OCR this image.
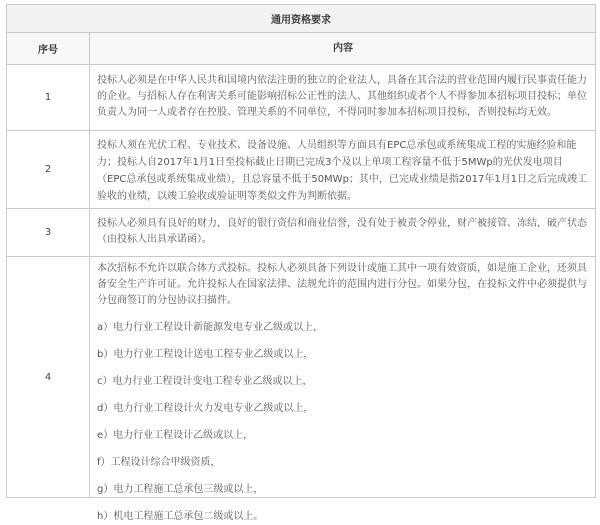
通用资格要求
序号	内容
1
投标人必须是在中华人民共和国境内依法注册的独立的企业法人，具备在其合法的营业范围内履行民事责任能力的企业。与招标人存在利害关系可能影响招标公正性的法人、其他组织或者个人不得参加本招标项目投标；单位负责人为同一人或者存在控股、管理关系的不同单位，不得同时参加本招标项目投标，否则投标均无效。
2
投标人须在光伏工程、专业技术、设备设施、人员组织等方面具有EPC总承包或系统集成工程的实施经验和能力；投标人自2017年1月1日至投标截止日期已完成3个及以上单项工程容量不低于5MWp的光伏发电项目（EPC总承包或系统集成业绩），且总容量不低于50MWp；其中，已完成业绩是指2017年1月1日之后完成竣工验收的业绩，以竣工验收或验证明等类似文件为判断依据。
3
投标人必须具有良好的财力，良好的银行资信和商业信誉，没有处于被责令停业，财产被接管、冻结，破产状态（由投标人出具承诺函）。
4
本次招标不允许以联合体方式投标。投标人必须具备下列设计或施工其中一项有效资质，如是施工企业，还须具备安全生产许可证。允许投标人在国家法律、法规允许的范围内进行分包。如果分包，在投标文件中必须提供与分包商签订的分包协议扫描件。
a）电力行业工程设计新能源发电专业乙级或以上，
b）电力行业工程设计送电工程专业乙级或以上，
c）电力行业工程设计变电工程专业乙级或以上，
d）电力行业工程设计火力发电专业乙级或以上，
e）电力行业工程设计乙级或以上，
f）工程设计综合甲级资质，
g）电力工程施工总承包三级或以上，
h）机电工程施工总承包二级或以上。
